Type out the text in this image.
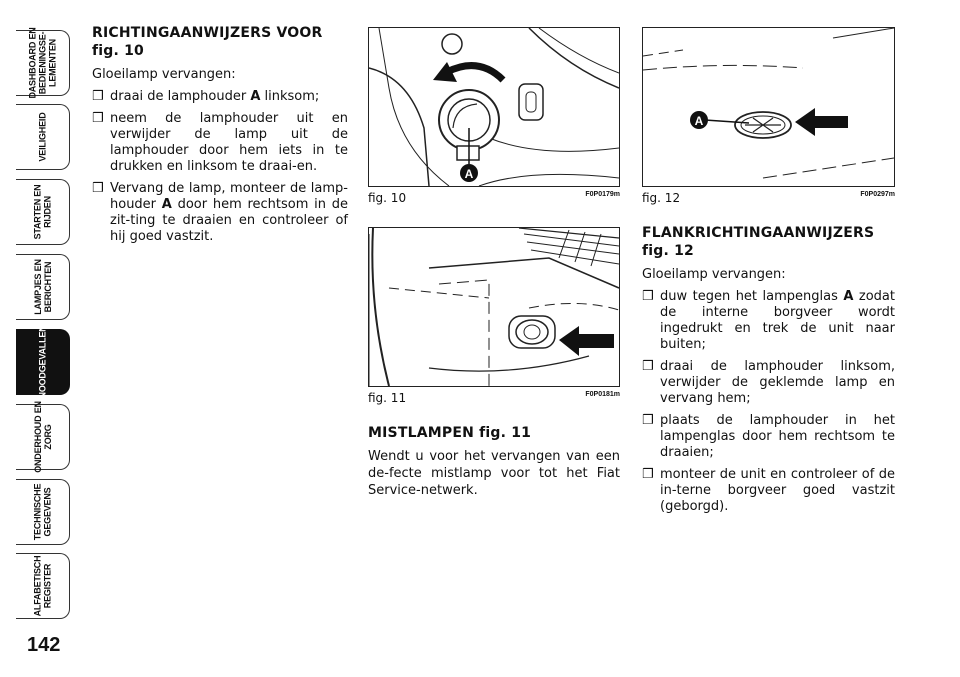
DASHBOARD EN
BEDIENINGSE-
LEMENTEN
VEILIGHEID
STARTEN EN
RIJDEN
LAMPJES EN
BERICHTEN
NOODGEVALLEN
ONDERHOUD EN
ZORG
TECHNISCHE
GEGEVENS
ALFABETISCH
REGISTER
142
RICHTINGAANWIJZERS VOOR
fig. 10
Gloeilamp vervangen:
❒ draai de lamphouder A linksom;
❒ neem de lamphouder uit en verwijder de lamp uit de lamphouder door hem iets in te drukken en linksom te draai-en.
❒ Vervang de lamp, monteer de lamp-houder A door hem rechtsom in de zit-ting te draaien en controleer of hij goed vastzit.
A
fig. 10	F0P0179m
fig. 11	F0P0181m
MISTLAMPEN fig. 11
Wendt u voor het vervangen van een de-fecte mistlamp voor tot het Fiat Service-netwerk.
A
fig. 12	F0P0297m
FLANKRICHTINGAANWIJZERS
fig. 12
Gloeilamp vervangen:
❒ duw tegen het lampenglas A zodat de interne borgveer wordt ingedrukt en trek de unit naar buiten;
❒ draai de lamphouder linksom, verwijder de geklemde lamp en vervang hem;
❒ plaats de lamphouder in het lampenglas door hem rechtsom te draaien;
❒ monteer de unit en controleer of de in-terne borgveer goed vastzit (geborgd).
